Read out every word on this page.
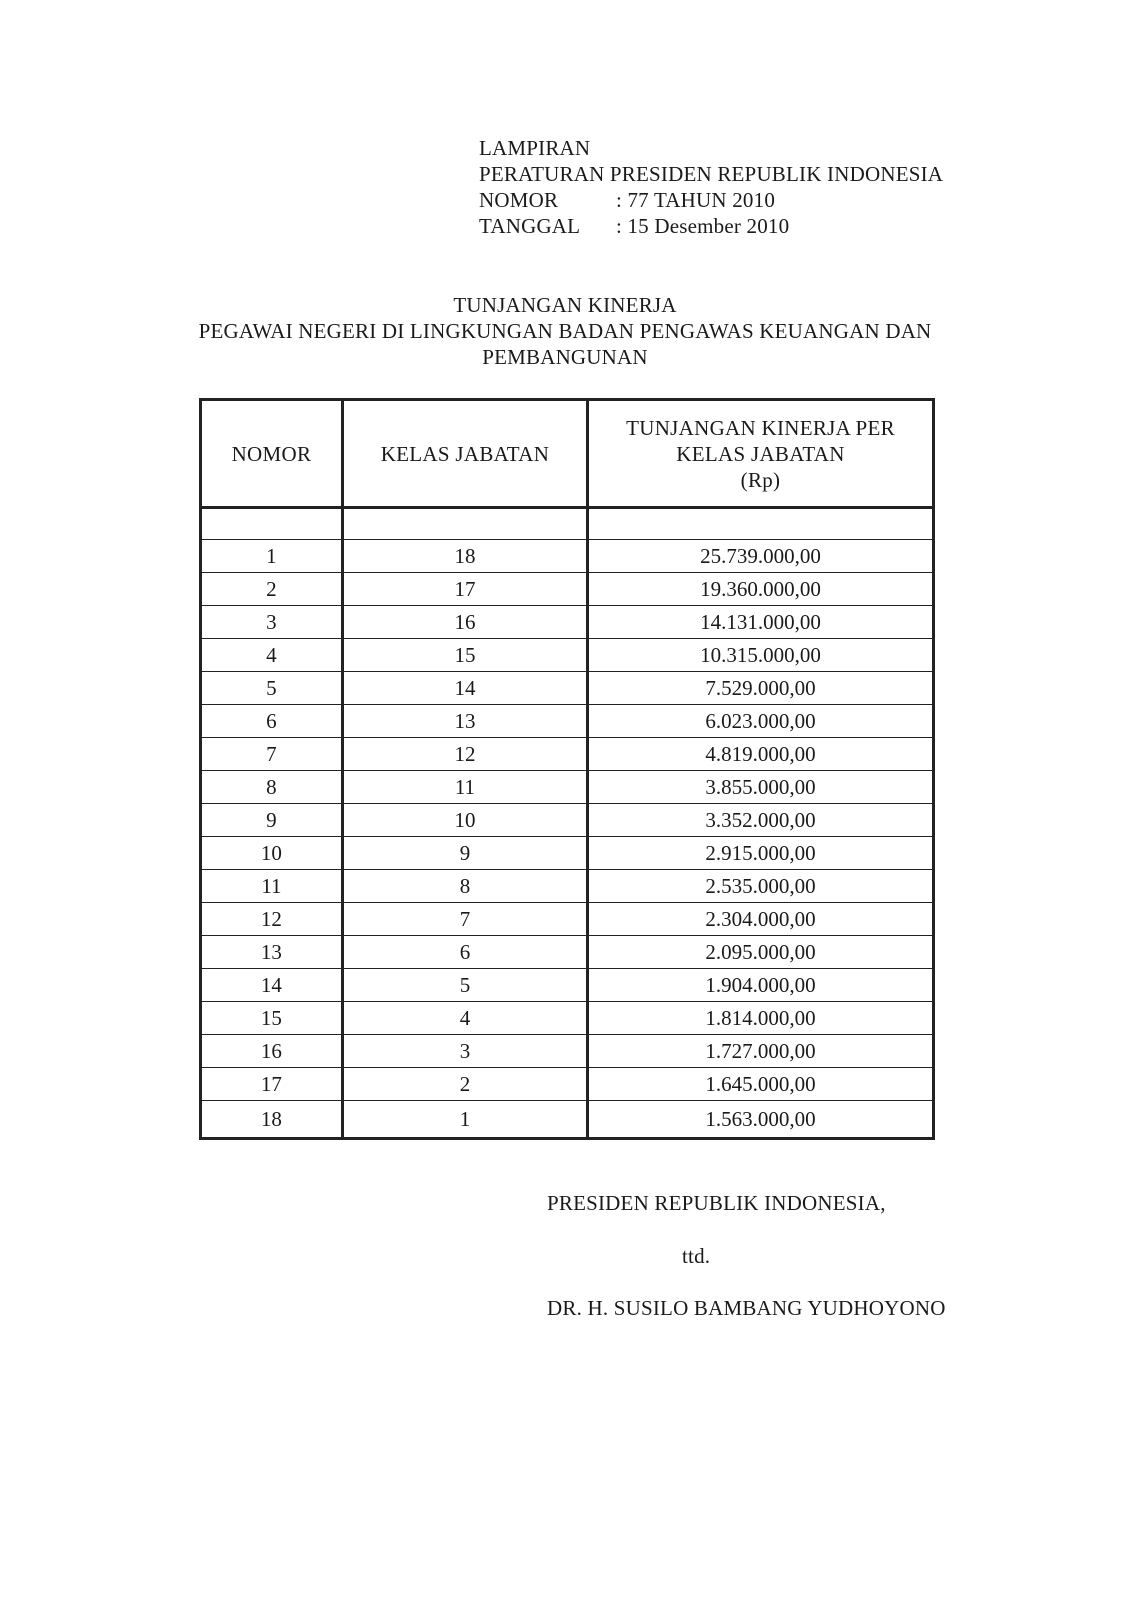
LAMPIRAN
PERATURAN PRESIDEN REPUBLIK INDONESIA
NOMOR	: 77 TAHUN 2010
TANGGAL : 15 Desember 2010
TUNJANGAN KINERJA
PEGAWAI NEGERI DI LINGKUNGAN BADAN PENGAWAS KEUANGAN DAN
PEMBANGUNAN
NOMOR	KELAS JABATAN	TUNJANGAN KINERJA PER
KELAS JABATAN
(Rp)

1	18	25.739.000,00
2	17	19.360.000,00
3	16	14.131.000,00
4	15	10.315.000,00
5	14	7.529.000,00
6	13	6.023.000,00
7	12	4.819.000,00
8	11	3.855.000,00
9	10	3.352.000,00
10	9	2.915.000,00
11	8	2.535.000,00
12	7	2.304.000,00
13	6	2.095.000,00
14	5	1.904.000,00
15	4	1.814.000,00
16	3	1.727.000,00
17	2	1.645.000,00
18	1	1.563.000,00
PRESIDEN REPUBLIK INDONESIA,
ttd.
DR. H. SUSILO BAMBANG YUDHOYONO
